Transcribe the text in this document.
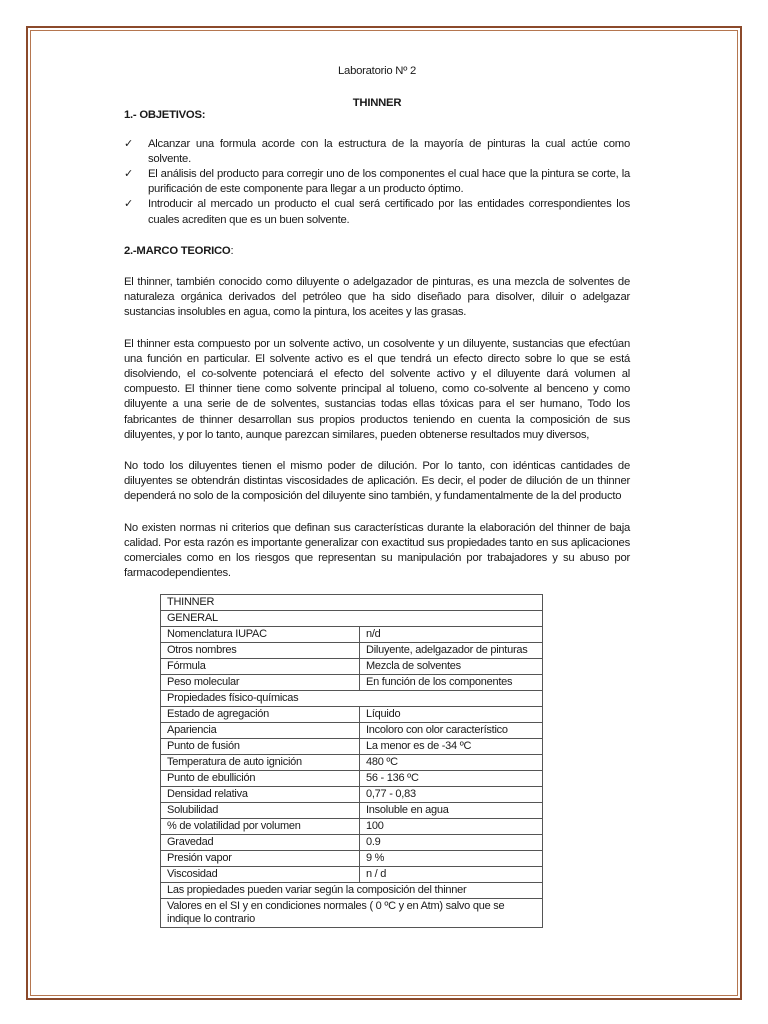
Laboratorio Nº 2
THINNER
1.- OBJETIVOS:
✓ Alcanzar una formula acorde con la estructura de la mayoría de pinturas la cual actúe como solvente.
✓ El análisis del producto para corregir uno de los componentes el cual hace que la pintura se corte, la purificación de este componente para llegar a un producto óptimo.
✓ Introducir al mercado un producto el cual será certificado por las entidades correspondientes los cuales acrediten que es un buen solvente.
2.-MARCO TEORICO:

El thinner, también conocido como diluyente o adelgazador de pinturas, es una mezcla de solventes de naturaleza orgánica derivados del petróleo que ha sido diseñado para disolver, diluir o adelgazar sustancias insolubles en agua, como la pintura, los aceites y las grasas.

El thinner esta compuesto por un solvente activo, un cosolvente y un diluyente, sustancias que efectúan una función en particular. El solvente activo es el que tendrá un efecto directo sobre lo que se está disolviendo, el co-solvente potenciará el efecto del solvente activo y el diluyente dará volumen al compuesto. El thinner tiene como solvente principal al tolueno, como co-solvente al benceno y como diluyente a una serie de de solventes, sustancias todas ellas tóxicas para el ser humano, Todo los fabricantes de thinner desarrollan sus propios productos teniendo en cuenta la composición de sus diluyentes, y por lo tanto, aunque parezcan similares, pueden obtenerse resultados muy diversos,

No todo los diluyentes tienen el mismo poder de dilución. Por lo tanto, con idénticas cantidades de diluyentes se obtendrán distintas viscosidades de aplicación. Es decir, el poder de dilución de un thinner dependerá no solo de la composición del diluyente sino también, y fundamentalmente de la del producto

No existen normas ni criterios que definan sus características durante la elaboración del thinner de baja calidad. Por esta razón es importante generalizar con exactitud sus propiedades tanto en sus aplicaciones comerciales como en los riesgos que representan su manipulación por trabajadores y su abuso por farmacodependientes.

THINNER	
GENERAL	
Nomenclatura IUPAC	n/d
Otros nombres	Diluyente, adelgazador de pinturas
Fórmula	Mezcla de solventes
Peso molecular	En función de los componentes
Propiedades físico-químicas	
Estado de agregación	Líquido
Apariencia	Incoloro con olor característico
Punto de fusión	La menor es de -34 ºC
Temperatura de auto ignición	480 ºC
Punto de ebullición	56 - 136 ºC
Densidad relativa	0,77 - 0,83
Solubilidad	Insoluble en agua
% de volatilidad por volumen	100
Gravedad	0.9
Presión vapor	9 %
Viscosidad	n / d
Las propiedades pueden variar según la composición del thinner	
Valores en el SI y en condiciones normales ( 0 ºC y en Atm) salvo que se indique lo contrario	
